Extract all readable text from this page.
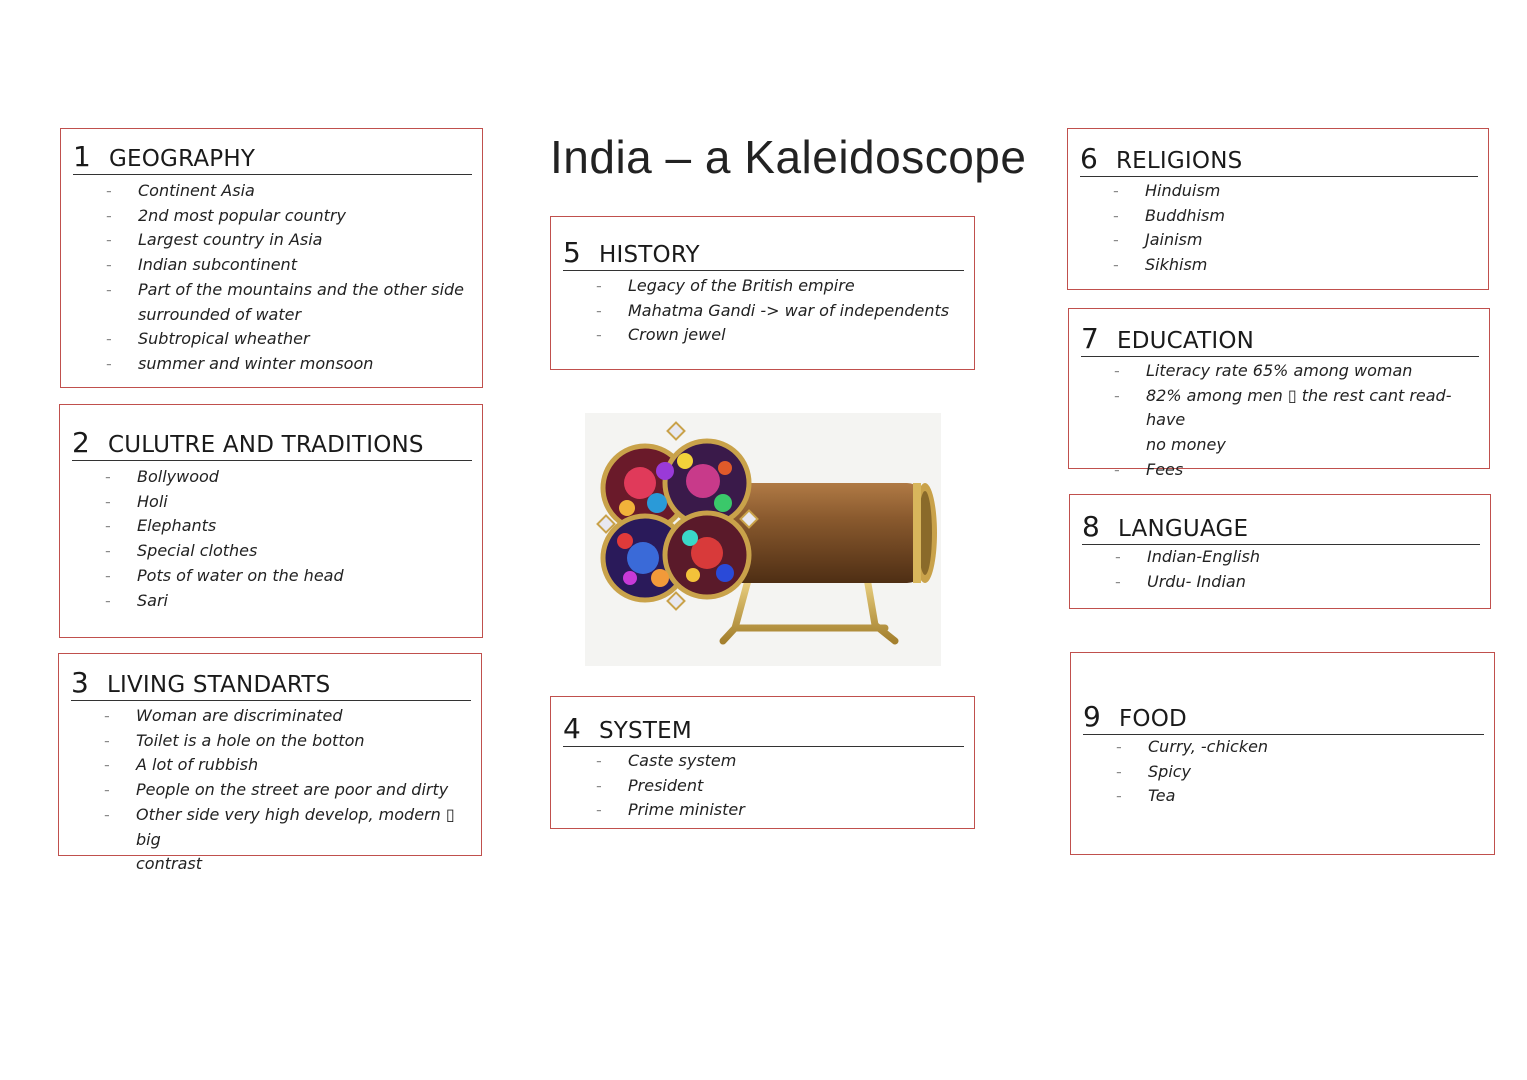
India – a Kaleidoscope
1 GEOGRAPHY
- Continent Asia
- 2nd most popular country
- Largest country in Asia
- Indian subcontinent
- Part of the mountains and the other side
surrounded of water
- Subtropical wheather
- summer and winter monsoon
2 CULUTRE AND TRADITIONS
- Bollywood
- Holi
- Elephants
- Special clothes
- Pots of water on the head
- Sari
3 LIVING STANDARTS
- Woman are discriminated
- Toilet is a hole on the botton
- A lot of rubbish
- People on the street are poor and dirty
- Other side very high develop, modern ▯ big
contrast
5 HISTORY
- Legacy of the British empire
- Mahatma Gandi -> war of independents
- Crown jewel
4 SYSTEM
- Caste system
- President
- Prime minister
6 RELIGIONS
- Hinduism
- Buddhism
- Jainism
- Sikhism
7 EDUCATION
- Literacy rate 65% among woman
- 82% among men ▯ the rest cant read- have
no money
- Fees
8 LANGUAGE
- Indian-English
- Urdu- Indian
9 FOOD
- Curry, -chicken
- Spicy
- Tea
